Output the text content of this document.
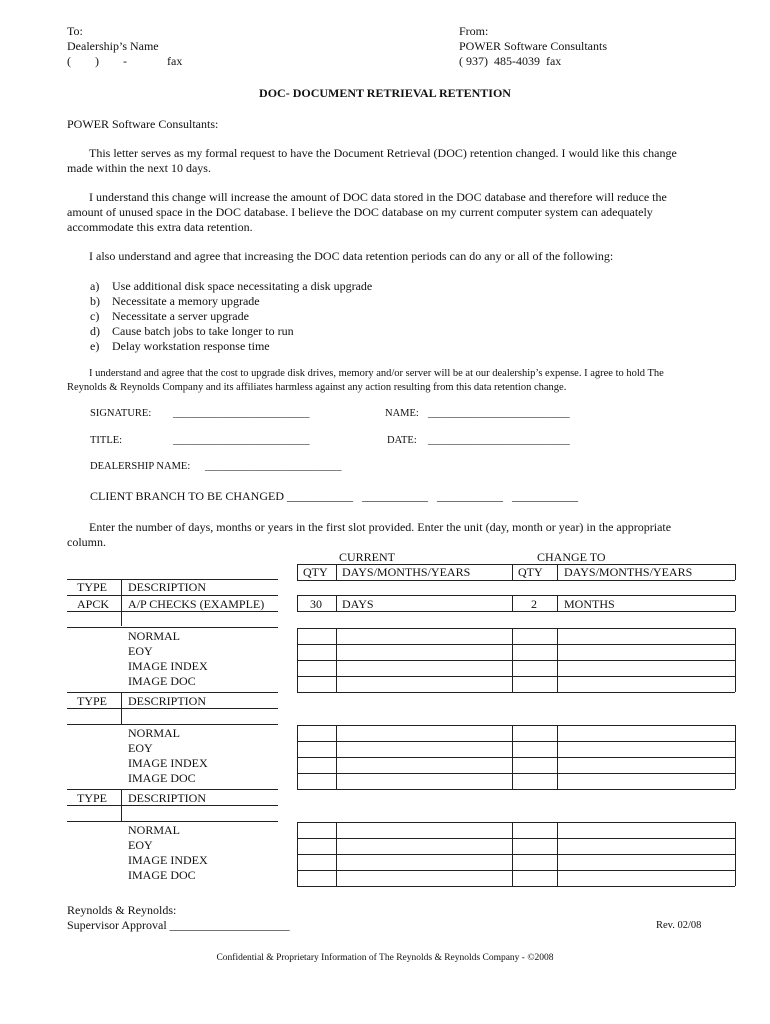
To:
Dealership’s Name
( ) -	fax
From:
POWER Software Consultants
( 937)  485-4039  fax
DOC- DOCUMENT RETRIEVAL RETENTION
POWER Software Consultants:
This letter serves as my formal request to have the Document Retrieval (DOC) retention changed. I would like this change made within the next 10 days.
I understand this change will increase the amount of DOC data stored in the DOC database and therefore will reduce the amount of unused space in the DOC database. I believe the DOC database on my current computer system can adequately accommodate this extra data retention.
I also understand and agree that increasing the DOC data retention periods can do any or all of the following:
a) Use additional disk space necessitating a disk upgrade
b) Necessitate a memory upgrade
c) Necessitate a server upgrade
d) Cause batch jobs to take longer to run
e) Delay workstation response time
I understand and agree that the cost to upgrade disk drives, memory and/or server will be at our dealership’s expense. I agree to hold The Reynolds & Reynolds Company and its affiliates harmless against any action resulting from this data retention change.
SIGNATURE: __________________________	NAME: ___________________________
TITLE:	__________________________	DATE: ___________________________
DEALERSHIP NAME: __________________________
CLIENT BRANCH TO BE CHANGED ___________   ___________   ___________   ___________
Enter the number of days, months or years in the first slot provided. Enter the unit (day, month or year) in the appropriate column.
CURRENT	CHANGE TO
QTY DAYS/MONTHS/YEARS	QTY DAYS/MONTHS/YEARS
TYPE DESCRIPTION
APCK A/P CHECKS (EXAMPLE)	30 DAYS	2 MONTHS
NORMAL
EOY
IMAGE INDEX
IMAGE DOC
TYPE DESCRIPTION
NORMAL
EOY
IMAGE INDEX
IMAGE DOC
TYPE DESCRIPTION
NORMAL
EOY
IMAGE INDEX
IMAGE DOC
Reynolds & Reynolds:
Supervisor Approval ____________________	Rev. 02/08
Confidential & Proprietary Information of The Reynolds & Reynolds Company - ©2008
